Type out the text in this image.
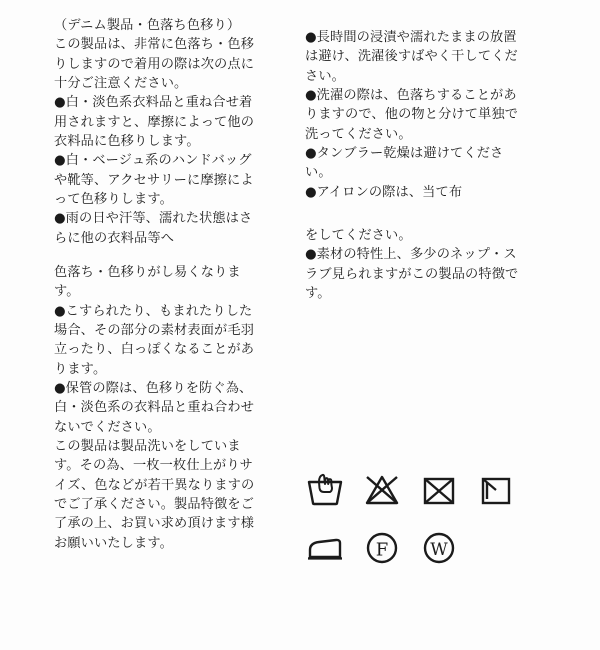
（デニム製品・色落ち色移り）

この製品は、非常に色落ち・色移りしますので着用の際は次の点に十分ご注意ください。

●白・淡色系衣料品と重ね合せ着用されますと、摩擦によって他の衣料品に色移りします。

●白・ベージュ系のハンドバッグや靴等、アクセサリーに摩擦によって色移りします。

●雨の日や汗等、濡れた状態はさらに他の衣料品等へ

色落ち・色移りがし易くなります。

●こすられたり、もまれたりした場合、その部分の素材表面が毛羽立ったり、白っぽくなることがあります。

●保管の際は、色移りを防ぐ為、白・淡色系の衣料品と重ね合わせないでください。

この製品は製品洗いをしています。その為、一枚一枚仕上がりサイズ、色などが若干異なりますのでご了承ください。製品特徴をご了承の上、お買い求め頂けます様お願いいたします。

●長時間の浸漬や濡れたままの放置は避け、洗濯後すばやく干してください。

●洗濯の際は、色落ちすることがありますので、他の物と分けて単独で洗ってください。

●タンブラー乾燥は避けてください。

●アイロンの際は、当て布

をしてください。

●素材の特性上、多少のネップ・スラブ見られますがこの製品の特徴です。

F W
